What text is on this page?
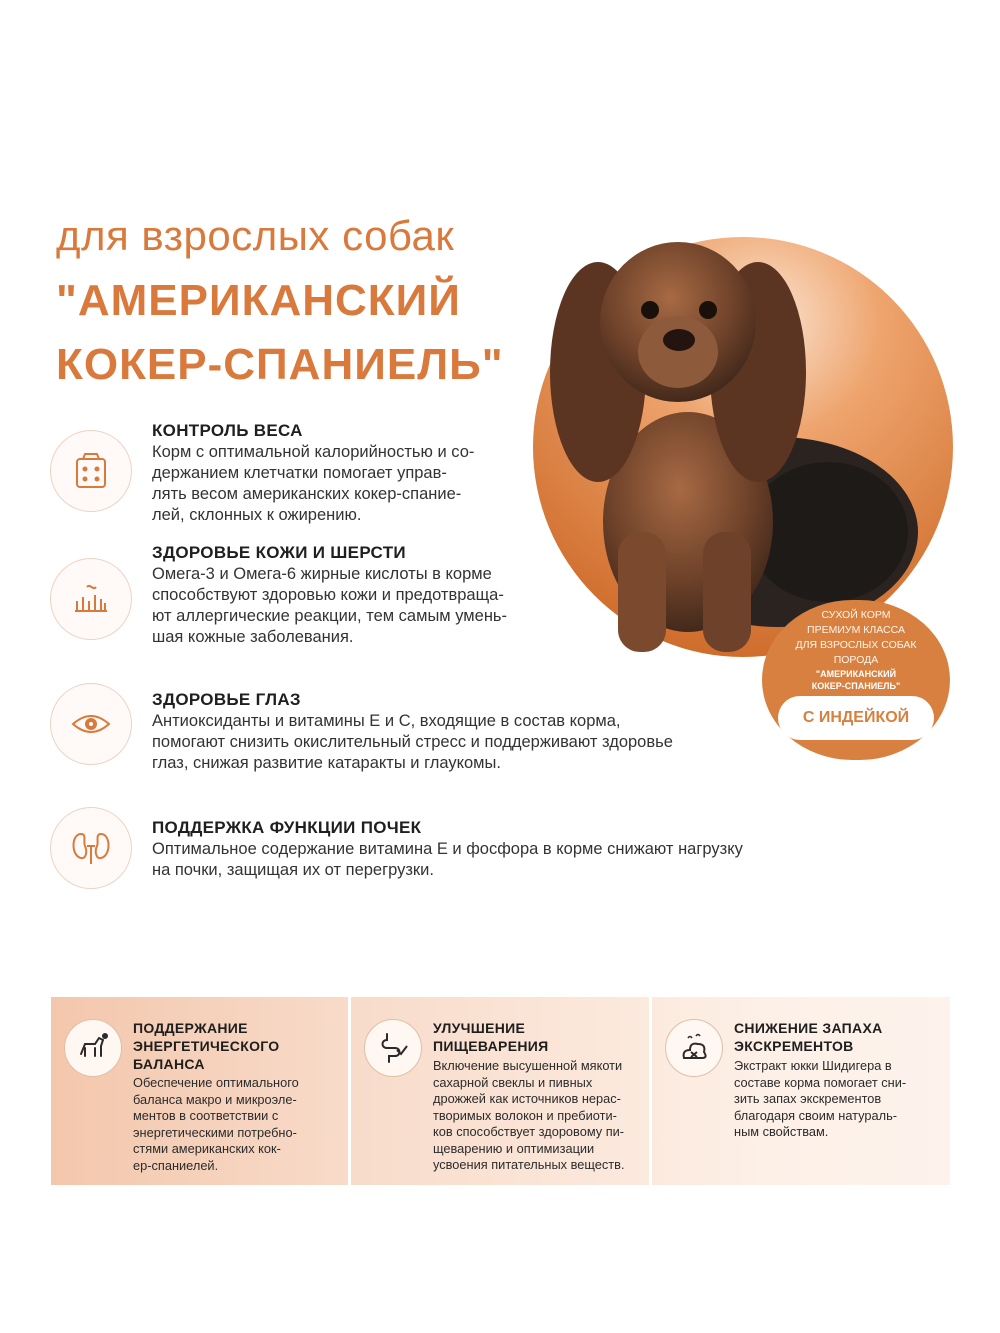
для взрослых собак
"АМЕРИКАНСКИЙ
КОКЕР-СПАНИЕЛЬ"
КОНТРОЛЬ ВЕСА
Корм с оптимальной калорийностью и со-
держанием клетчатки помогает управ-
лять весом американских кокер-спание-
лей, склонных к ожирению.
ЗДОРОВЬЕ КОЖИ И ШЕРСТИ
Омега-3 и Омега-6 жирные кислоты в корме
способствуют здоровью кожи и предотвраща-
ют аллергические реакции, тем самым умень-
шая кожные заболевания.
ЗДОРОВЬЕ ГЛАЗ
Антиоксиданты и витамины Е и С, входящие в состав корма,
помогают снизить окислительный стресс и поддерживают здоровье
глаз, снижая развитие катаракты и глаукомы.
ПОДДЕРЖКА ФУНКЦИИ ПОЧЕК
Оптимальное содержание витамина Е и фосфора в корме снижают нагрузку
на почки, защищая их от перегрузки.
СУХОЙ КОРМ
ПРЕМИУМ КЛАССА
ДЛЯ ВЗРОСЛЫХ СОБАК
ПОРОДА
"АМЕРИКАНСКИЙ
КОКЕР-СПАНИЕЛЬ"
С ИНДЕЙКОЙ
ПОДДЕРЖАНИЕ
ЭНЕРГЕТИЧЕСКОГО
БАЛАНСА
Обеспечение оптимального
баланса макро и микроэле-
ментов в соответствии с
энергетическими потребно-
стями американских кок-
ер-спаниелей.
УЛУЧШЕНИЕ
ПИЩЕВАРЕНИЯ
Включение высушенной мякоти
сахарной свеклы и пивных
дрожжей как источников нерас-
творимых волокон и пребиоти-
ков способствует здоровому пи-
щеварению и оптимизации
усвоения питательных веществ.
СНИЖЕНИЕ ЗАПАХА
ЭКСКРЕМЕНТОВ
Экстракт юкки Шидигера в
составе корма помогает сни-
зить запах экскрементов
благодаря своим натураль-
ным свойствам.
